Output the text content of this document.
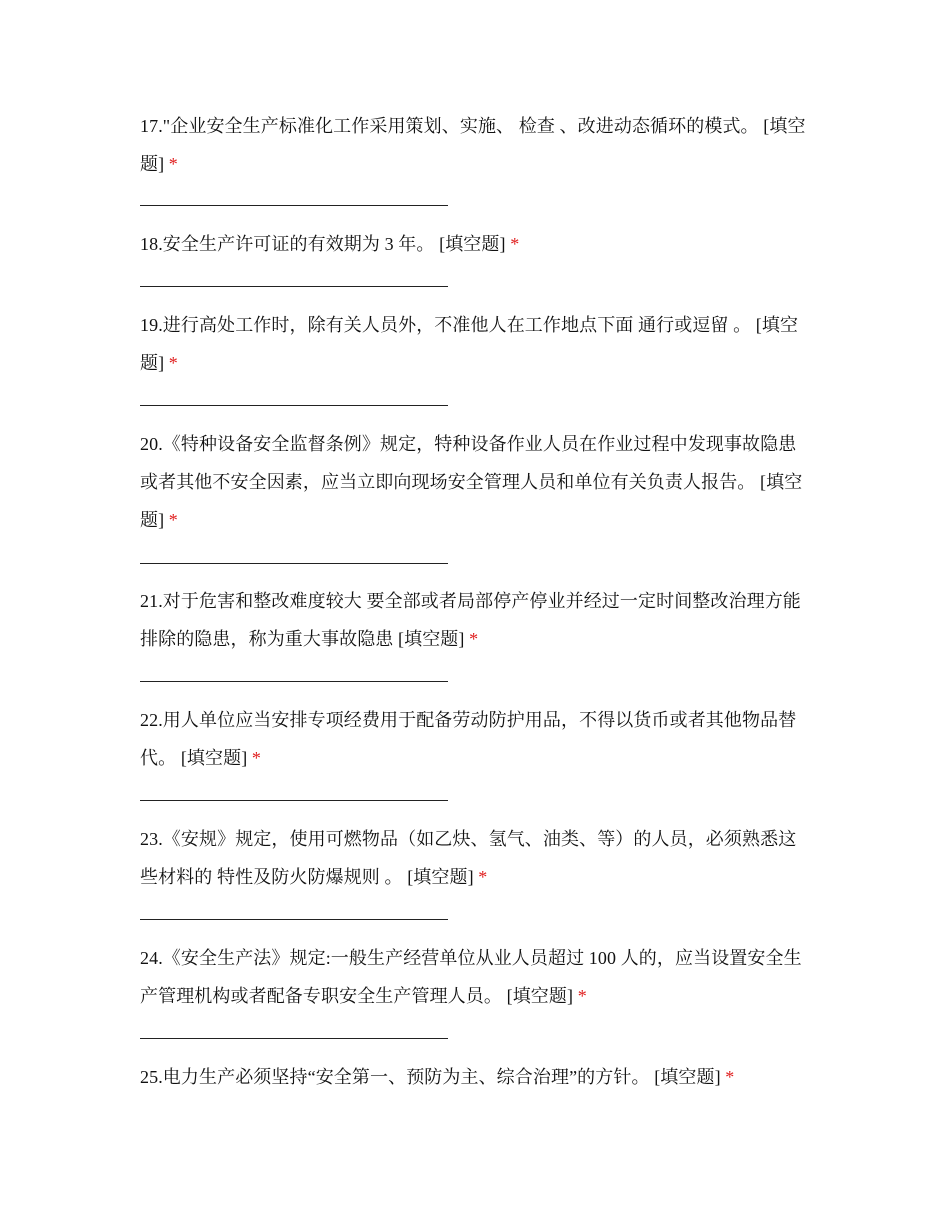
17."企业安全生产标准化工作采用策划、实施、 检查 、改进动态循环的模式。 [填空题] *
18.安全生产许可证的有效期为 3 年。 [填空题] *
19.进行高处工作时，除有关人员外，不准他人在工作地点下面 通行或逗留 。 [填空题] *
20.《特种设备安全监督条例》规定，特种设备作业人员在作业过程中发现事故隐患或者其他不安全因素，应当立即向现场安全管理人员和单位有关负责人报告。 [填空题] *
21.对于危害和整改难度较大 要全部或者局部停产停业并经过一定时间整改治理方能排除的隐患，称为重大事故隐患 [填空题] *
22.用人单位应当安排专项经费用于配备劳动防护用品，不得以货币或者其他物品替代。 [填空题] *
23.《安规》规定，使用可燃物品（如乙炔、氢气、油类、等）的人员，必须熟悉这些材料的 特性及防火防爆规则 。 [填空题] *
24.《安全生产法》规定:一般生产经营单位从业人员超过 100 人的，应当设置安全生产管理机构或者配备专职安全生产管理人员。 [填空题] *
25.电力生产必须坚持“安全第一、预防为主、综合治理”的方针。 [填空题] *
